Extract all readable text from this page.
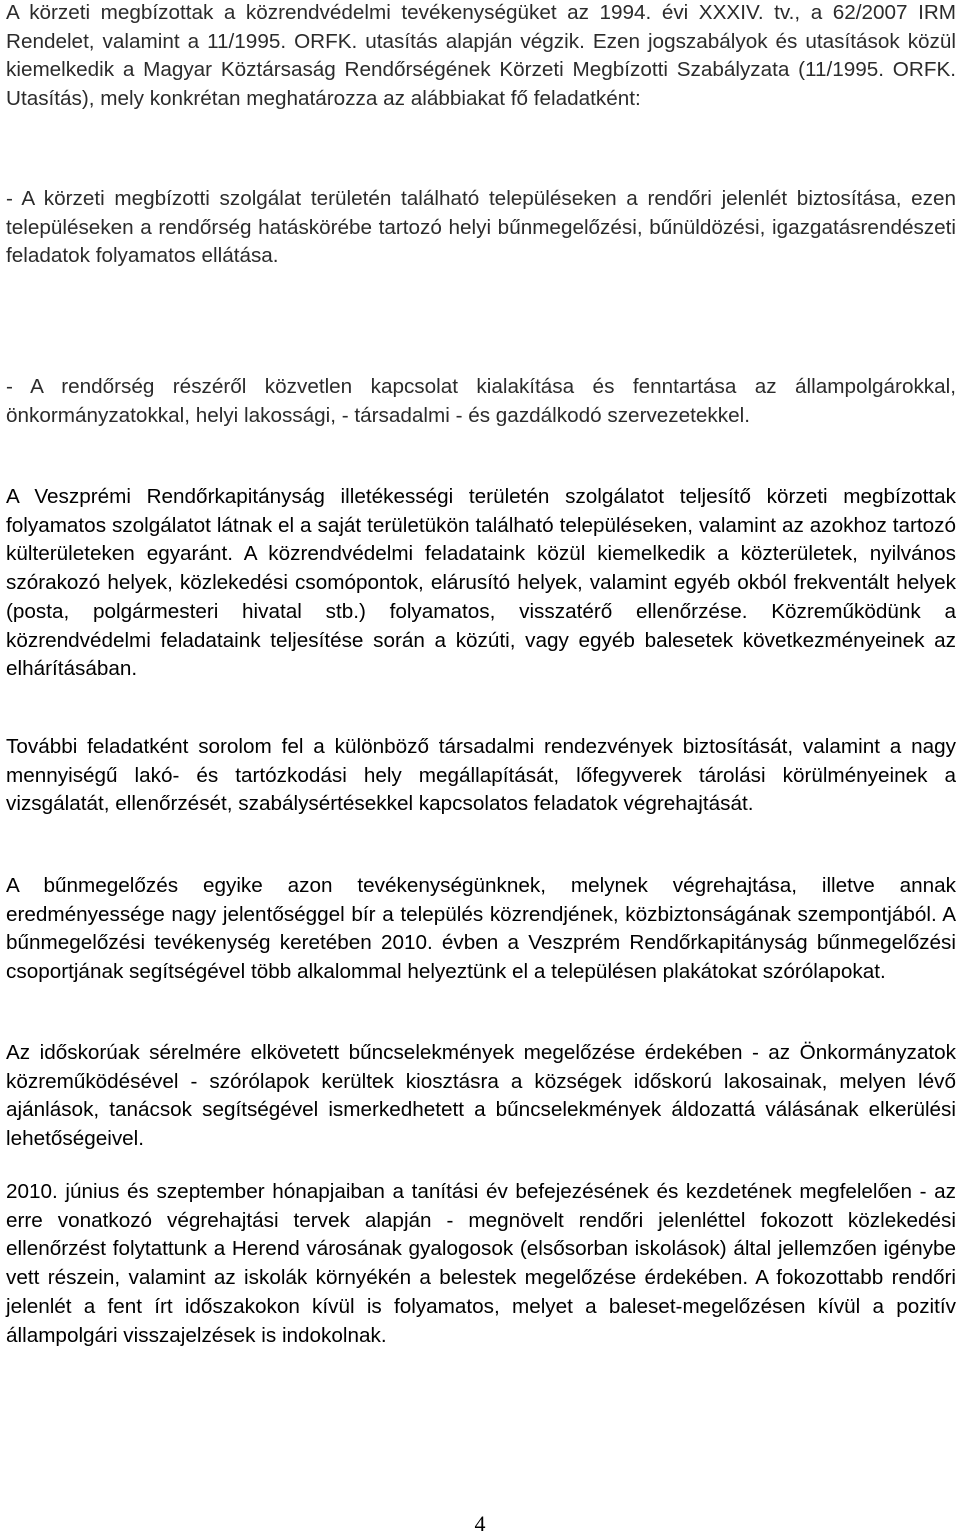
A körzeti megbízottak a közrendvédelmi tevékenységüket az 1994. évi XXXIV. tv., a 62/2007 IRM Rendelet, valamint a 11/1995. ORFK. utasítás alapján végzik. Ezen jogszabályok és utasítások közül kiemelkedik a Magyar Köztársaság Rendőrségének Körzeti Megbízotti Szabályzata (11/1995. ORFK. Utasítás), mely konkrétan meghatározza az alábbiakat fő feladatként:

- A körzeti megbízotti szolgálat területén található településeken a rendőri jelenlét biztosítása, ezen településeken a rendőrség hatáskörébe tartozó helyi bűnmegelőzési, bűnüldözési, igazgatásrendészeti feladatok folyamatos ellátása.

- A rendőrség részéről közvetlen kapcsolat kialakítása és fenntartása az állampolgárokkal, önkormányzatokkal, helyi lakossági, - társadalmi - és gazdálkodó szervezetekkel.

A Veszprémi Rendőrkapitányság illetékességi területén szolgálatot teljesítő körzeti megbízottak folyamatos szolgálatot látnak el a saját területükön található településeken, valamint az azokhoz tartozó külterületeken egyaránt. A közrendvédelmi feladataink közül kiemelkedik a közterületek, nyilvános szórakozó helyek, közlekedési csomópontok, elárusító helyek, valamint egyéb okból frekventált helyek (posta, polgármesteri hivatal stb.) folyamatos, visszatérő ellenőrzése. Közreműködünk a közrendvédelmi feladataink teljesítése során a közúti, vagy egyéb balesetek következményeinek az elhárításában.

További feladatként sorolom fel a különböző társadalmi rendezvények biztosítását, valamint a nagy mennyiségű lakó- és tartózkodási hely megállapítását, lőfegyverek tárolási körülményeinek a vizsgálatát, ellenőrzését, szabálysértésekkel kapcsolatos feladatok végrehajtását.

A bűnmegelőzés egyike azon tevékenységünknek, melynek végrehajtása, illetve annak eredményessége nagy jelentőséggel bír a település közrendjének, közbiztonságának szempontjából. A bűnmegelőzési tevékenység keretében 2010. évben a Veszprém Rendőrkapitányság bűnmegelőzési csoportjának segítségével több alkalommal helyeztünk el a településen plakátokat szórólapokat.

Az időskorúak sérelmére elkövetett bűncselekmények megelőzése érdekében - az Önkormányzatok közreműködésével - szórólapok kerültek kiosztásra a községek időskorú lakosainak, melyen lévő ajánlások, tanácsok segítségével ismerkedhetett a bűncselekmények áldozattá válásának elkerülési lehetőségeivel.

2010. június és szeptember hónapjaiban a tanítási év befejezésének és kezdetének megfelelően - az erre vonatkozó végrehajtási tervek alapján - megnövelt rendőri jelenléttel fokozott közlekedési ellenőrzést folytattunk a Herend városának gyalogosok (elsősorban iskolások) által jellemzően igénybe vett részein, valamint az iskolák környékén a belestek megelőzése érdekében. A fokozottabb rendőri jelenlét a fent írt időszakokon kívül is folyamatos, melyet a baleset-megelőzésen kívül a pozitív állampolgári visszajelzések is indokolnak.

4
